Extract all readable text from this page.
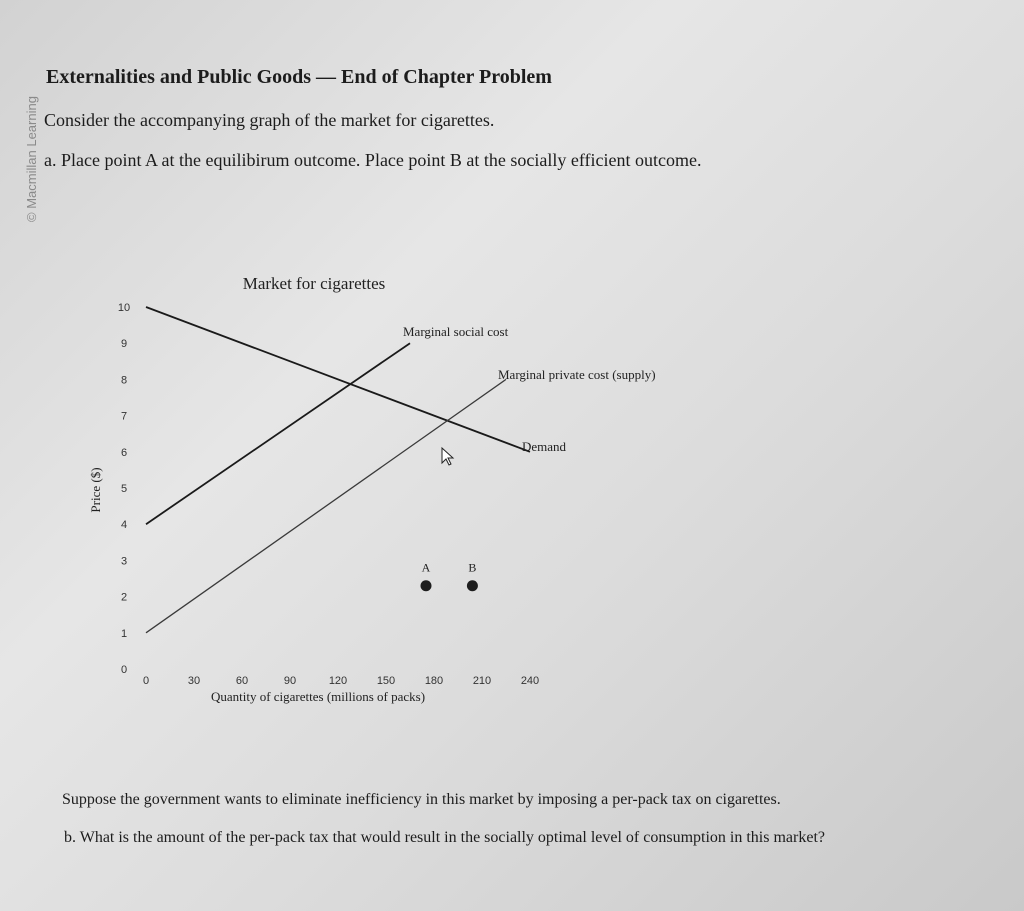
© Macmillan Learning
Externalities and Public Goods — End of Chapter Problem
Consider the accompanying graph of the market for cigarettes.
a. Place point A at the equilibirum outcome. Place point B at the socially efficient outcome.
Market for cigarettes
0
1
2
3
4
5
6
7
8
9
10
0	30	60	90	120	150	180	210	240
Price ($)
Quantity of cigarettes (millions of packs)
Marginal social cost
Marginal private cost (supply)
Demand
A	B
Suppose the government wants to eliminate inefficiency in this market by imposing a per-pack tax on cigarettes.
b. What is the amount of the per-pack tax that would result in the socially optimal level of consumption in this market?
